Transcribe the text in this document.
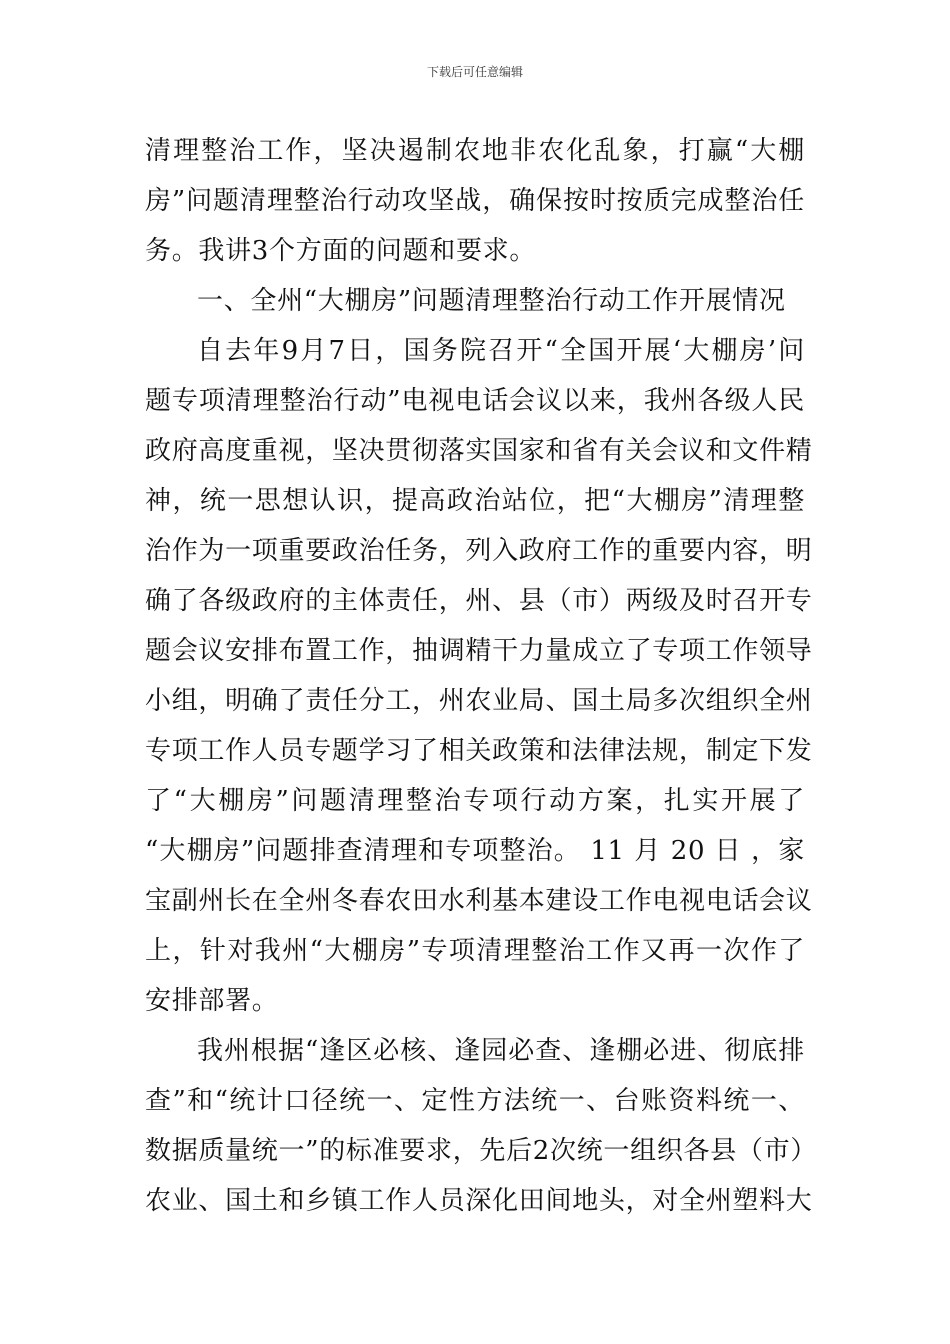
下载后可任意编辑
清理整治工作，坚决遏制农地非农化乱象，打赢“大棚
房”问题清理整治行动攻坚战，确保按时按质完成整治任
务。我讲3个方面的问题和要求。
一、全州“大棚房”问题清理整治行动工作开展情况
自去年9月7日，国务院召开“全国开展‘大棚房’问
题专项清理整治行动”电视电话会议以来，我州各级人民
政府高度重视，坚决贯彻落实国家和省有关会议和文件精
神，统一思想认识，提高政治站位，把“大棚房”清理整
治作为一项重要政治任务，列入政府工作的重要内容，明
确了各级政府的主体责任，州、县（市）两级及时召开专
题会议安排布置工作，抽调精干力量成立了专项工作领导
小组，明确了责任分工，州农业局、国土局多次组织全州
专项工作人员专题学习了相关政策和法律法规，制定下发
了“大棚房”问题清理整治专项行动方案，扎实开展了
“大棚房”问题排查清理和专项整治。 11 月 20 日 ，家
宝副州长在全州冬春农田水利基本建设工作电视电话会议
上，针对我州“大棚房”专项清理整治工作又再一次作了
安排部署。
我州根据“逢区必核、逢园必查、逢棚必进、彻底排
查”和“统计口径统一、定性方法统一、台账资料统一、
数据质量统一”的标准要求，先后2次统一组织各县（市）
农业、国土和乡镇工作人员深化田间地头，对全州塑料大
